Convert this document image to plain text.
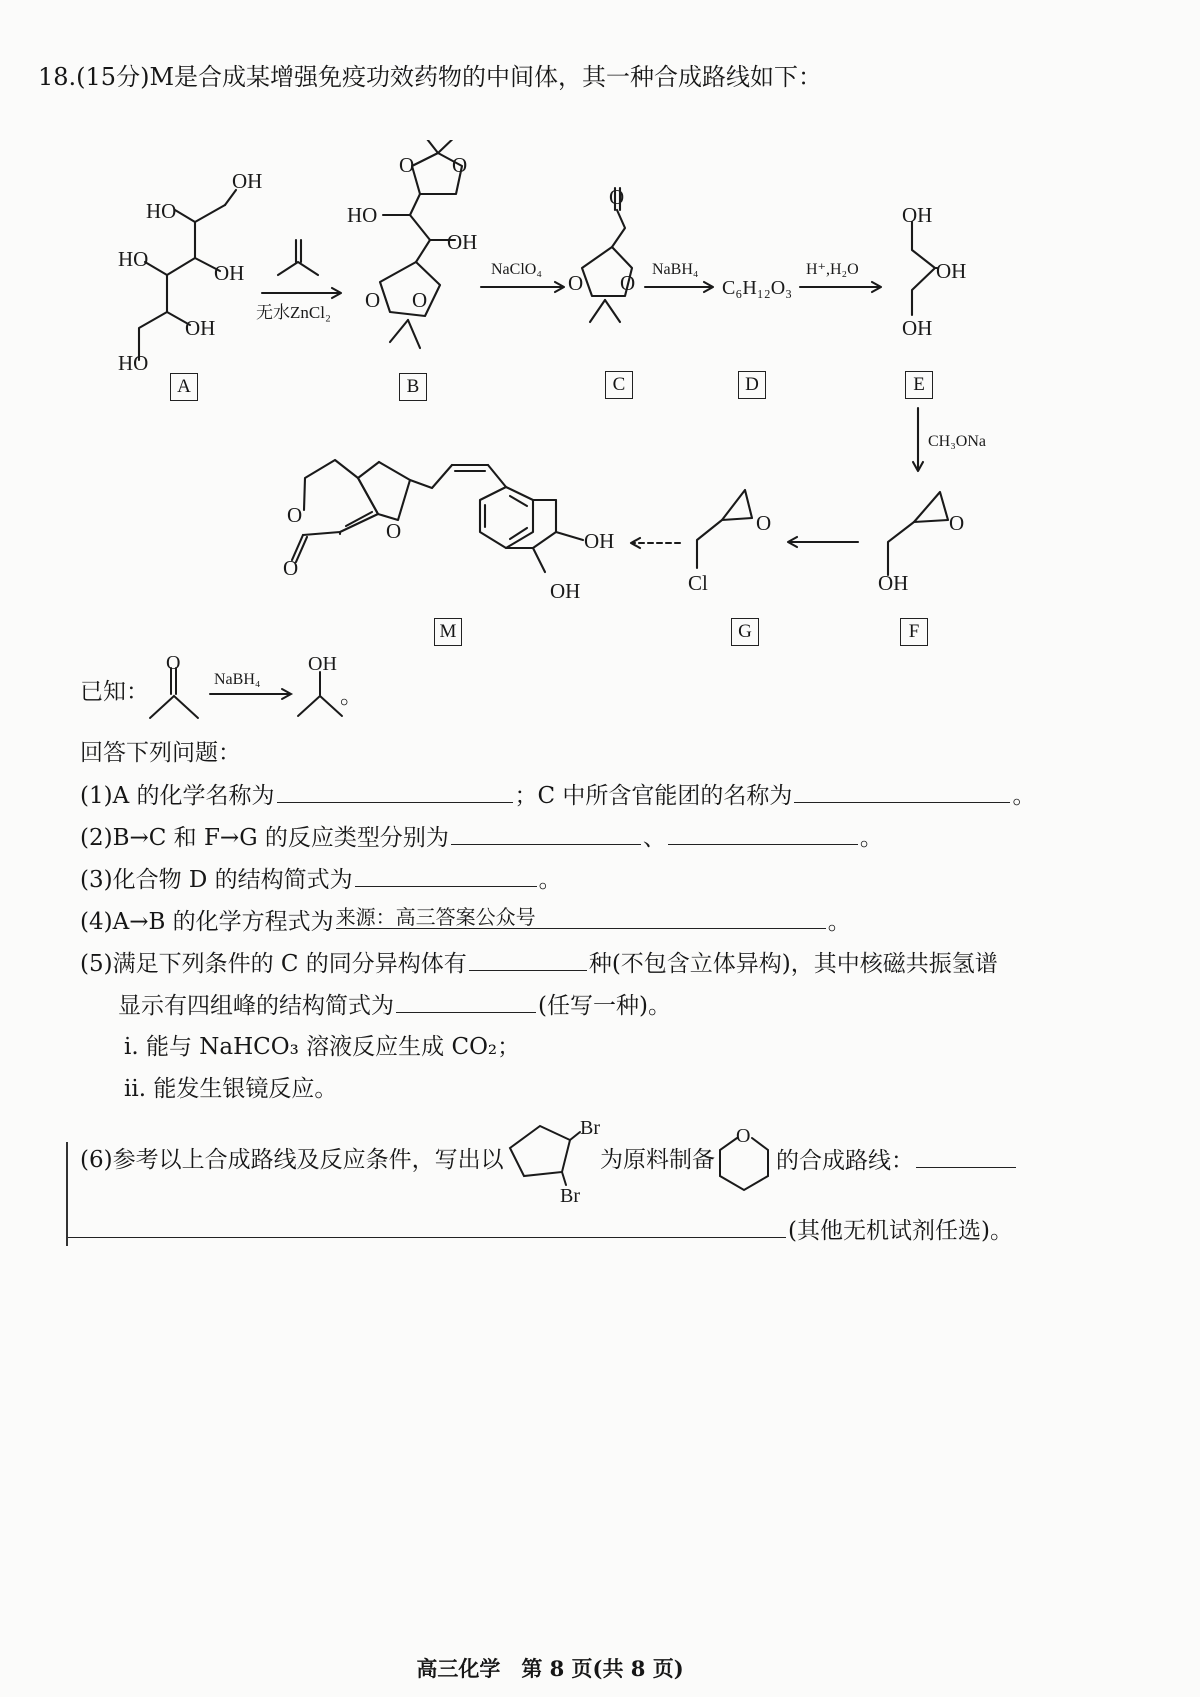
18.(15分)M是合成某增强免疫功效药物的中间体，其一种合成路线如下：
OH
HO
OH
HO
OH
HO
无水ZnCl₂
O O
HO
OH
O O
NaClO₄
O
O O
NaBH₄
C₆H₁₂O₃
H⁺,H₂O
OH
OH
OH
CH₃ONa
O
OH
O
Cl
O
O
O	OH
OH
A	B	C	D	E
F
G
M
已知：
O
NaBH₄
OH
。
回答下列问题：
(1)A 的化学名称为	；C 中所含官能团的名称为	。
(2)B→C 和 F→G 的反应类型分别为	、	。
(3)化合物 D 的结构简式为	。
(4)A→B 的化学方程式为 来源：高三答案公众号	。
(5)满足下列条件的 C 的同分异构体有	种(不包含立体异构)，其中核磁共振氢谱
显示有四组峰的结构简式为	(任写一种)。
ⅰ. 能与 NaHCO₃ 溶液反应生成 CO₂；
ⅱ. 能发生银镜反应。
(6)参考以上合成路线及反应条件，写出以
Br
Br
为原料制备
O
的合成路线：
(其他无机试剂任选)。
高三化学　第 8 页(共 8 页)
